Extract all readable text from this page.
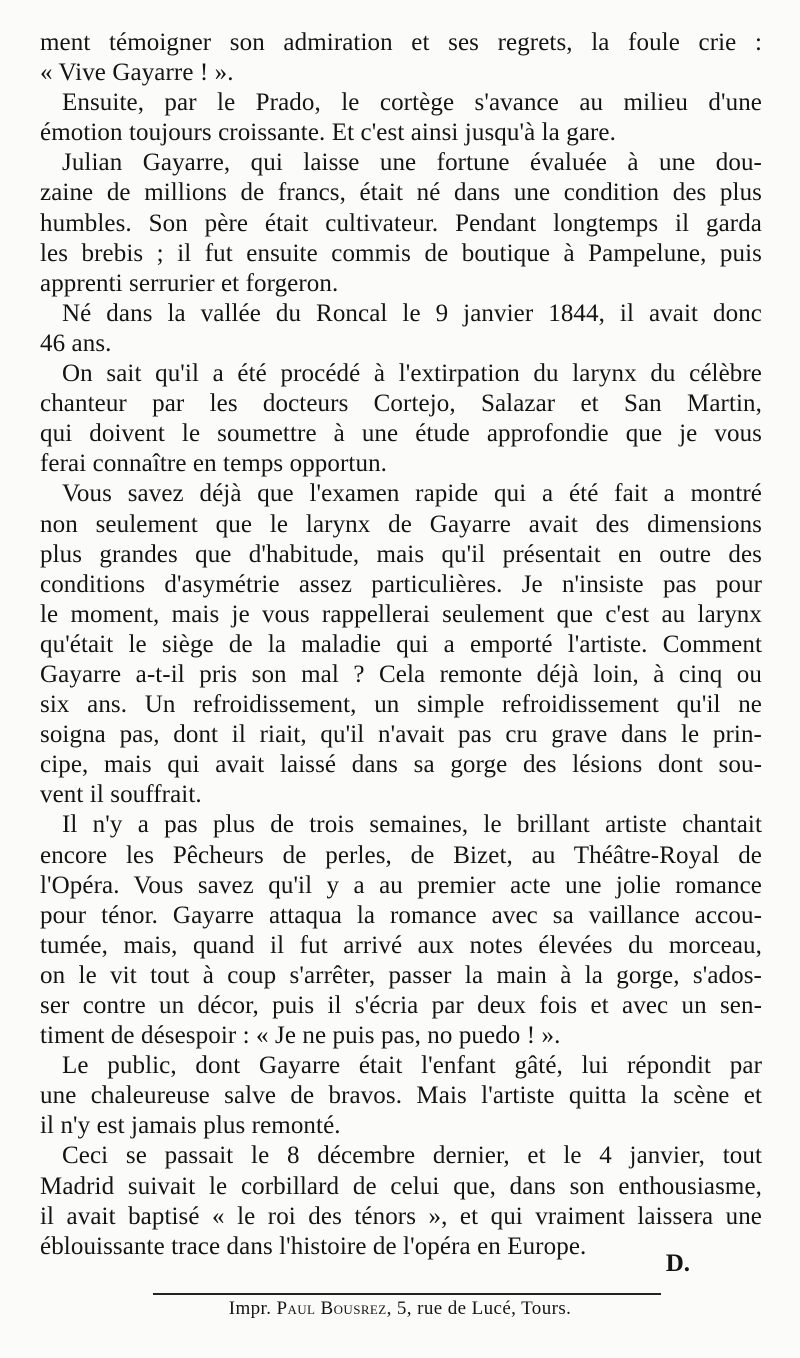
ment témoigner son admiration et ses regrets, la foule crie :
« Vive Gayarre ! ».
Ensuite, par le Prado, le cortège s'avance au milieu d'une
émotion toujours croissante. Et c'est ainsi jusqu'à la gare.
Julian Gayarre, qui laisse une fortune évaluée à une dou-
zaine de millions de francs, était né dans une condition des plus
humbles. Son père était cultivateur. Pendant longtemps il garda
les brebis ; il fut ensuite commis de boutique à Pampelune, puis
apprenti serrurier et forgeron.
Né dans la vallée du Roncal le 9 janvier 1844, il avait donc
46 ans.
On sait qu'il a été procédé à l'extirpation du larynx du célèbre
chanteur par les docteurs Cortejo, Salazar et San Martin,
qui doivent le soumettre à une étude approfondie que je vous
ferai connaître en temps opportun.
Vous savez déjà que l'examen rapide qui a été fait a montré
non seulement que le larynx de Gayarre avait des dimensions
plus grandes que d'habitude, mais qu'il présentait en outre des
conditions d'asymétrie assez particulières. Je n'insiste pas pour
le moment, mais je vous rappellerai seulement que c'est au larynx
qu'était le siège de la maladie qui a emporté l'artiste. Comment
Gayarre a-t-il pris son mal ? Cela remonte déjà loin, à cinq ou
six ans. Un refroidissement, un simple refroidissement qu'il ne
soigna pas, dont il riait, qu'il n'avait pas cru grave dans le prin-
cipe, mais qui avait laissé dans sa gorge des lésions dont sou-
vent il souffrait.
Il n'y a pas plus de trois semaines, le brillant artiste chantait
encore les Pêcheurs de perles, de Bizet, au Théâtre-Royal de
l'Opéra. Vous savez qu'il y a au premier acte une jolie romance
pour ténor. Gayarre attaqua la romance avec sa vaillance accou-
tumée, mais, quand il fut arrivé aux notes élevées du morceau,
on le vit tout à coup s'arrêter, passer la main à la gorge, s'ados-
ser contre un décor, puis il s'écria par deux fois et avec un sen-
timent de désespoir : « Je ne puis pas, no puedo ! ».
Le public, dont Gayarre était l'enfant gâté, lui répondit par
une chaleureuse salve de bravos. Mais l'artiste quitta la scène et
il n'y est jamais plus remonté.
Ceci se passait le 8 décembre dernier, et le 4 janvier, tout
Madrid suivait le corbillard de celui que, dans son enthousiasme,
il avait baptisé « le roi des ténors », et qui vraiment laissera une
éblouissante trace dans l'histoire de l'opéra en Europe.
D.
Impr. Paul Bousrez, 5, rue de Lucé, Tours.
